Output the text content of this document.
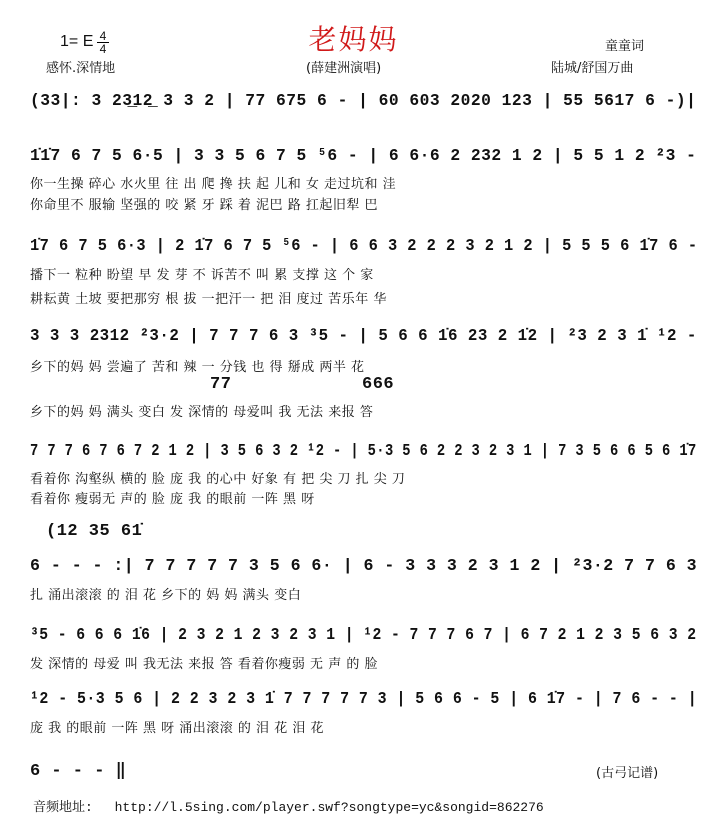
老妈妈
1= E 4
4
感怀.深情地	(薛建洲演唱)
童童词
陆城/舒国万曲
(33|: 3 23̲12̲ 3 3 2 | 77 675 6 - | 60 603 2020 123 | 55 5617 6 -)|
1̇1̇7 6 7 5 6·5 | 3 3 5 6 7 5 ⁵6 - | 6 6·6 2 232 1 2 | 5 5 1 2 ²3 -
你一生操 碎心 水火里 往 出 爬 搀 扶 起 儿和 女 走过坑和 洼
你命里不 服输 坚强的 咬 紧 牙 踩 着 泥巴 路 扛起旧犁 巴
1̇7 6 7 5 6·3 | 2 1̇7 6 7 5 ⁵6 - | 6 6 3 2 2 2 3 2 1 2 | 5 5 5 6 1̇7 6 -
播下一 粒种 盼望 早 发 芽 不 诉苦不 叫 累 支撑 这 个 家
耕耘黄 土坡 要把那穷 根 拔 一把汗一 把 泪 度过 苦乐年 华
3 3 3 2312 ²3·2 | 7 7 7 6 3 ³5 - | 5 6 6 1̇6 23 2 1̇2 | ²3 2 3 1̇ ¹2 -
乡下的妈 妈 尝遍了 苦和 辣 一 分钱 也 得 掰成 两半 花
77	666
乡下的妈 妈 满头 变白 发 深情的 母爱叫 我 无法 来报 答
7 7 7 6 7 6 7 2 1 2 | 3 5 6 3 2 ¹2 - | 5·3 5 6 2 2 3 2 3 1 | 7 3 5 6 6 5 6 1̇7
看着你 沟壑纵 横的 脸 庞 我 的心中 好象 有 把 尖 刀 扎 尖 刀
看着你 瘦弱无 声的 脸 庞 我 的眼前 一阵 黑 呀
(12 35 61̇
6 - - - :| 7 7 7 7 7 3 5 6 6· | 6 - 3 3 3 2 3 1 2 | ²3·2 7 7 6 3
扎 涌出滚滚 的 泪 花 乡下的 妈 妈 满头 变白
³5 - 6 6 6 1̇6 | 2 3 2 1 2 3 2 3 1 | ¹2 - 7 7 7 6 7 | 6 7 2 1 2 3 5 6 3 2
发 深情的 母爱 叫 我无法 来报 答 看着你瘦弱 无 声 的 脸
¹2 - 5·3 5 6 | 2 2 3 2 3 1̇ 7 7 7 7 7 3 | 5 6 6 - 5 | 6 1̇7 - | 7 6 - - |
庞 我 的眼前 一阵 黑 呀 涌出滚滚 的 泪 花 泪 花
6 - - - ‖	(古弓记谱)
音频地址: http://l.5sing.com/player.swf?songtype=yc&songid=862276
